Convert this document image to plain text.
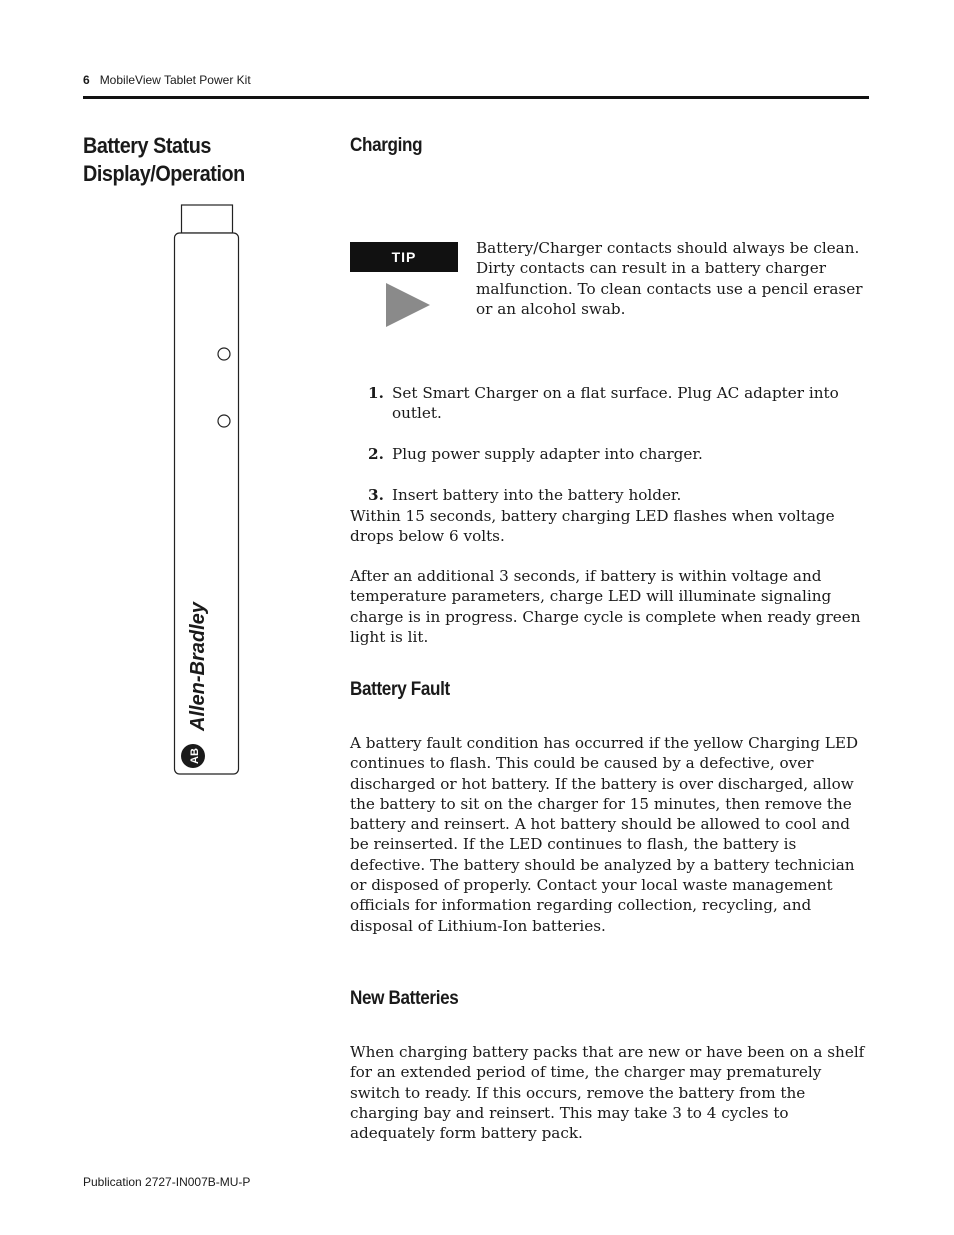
6 MobileView Tablet Power Kit
Battery Status Display/Operation
Charging
Allen-Bradley
AB
TIP	Battery/Charger contacts should always be clean. Dirty contacts can result in a battery charger malfunction. To clean contacts use a pencil eraser or an alcohol swab.
1. Set Smart Charger on a flat surface. Plug AC adapter into outlet.
2. Plug power supply adapter into charger.
3. Insert battery into the battery holder.
Within 15 seconds, battery charging LED flashes when voltage drops below 6 volts.
After an additional 3 seconds, if battery is within voltage and temperature parameters, charge LED will illuminate signaling charge is in progress. Charge cycle is complete when ready green light is lit.
Battery Fault
A battery fault condition has occurred if the yellow Charging LED continues to flash. This could be caused by a defective, over discharged or hot battery. If the battery is over discharged, allow the battery to sit on the charger for 15 minutes, then remove the battery and reinsert. A hot battery should be allowed to cool and be reinserted. If the LED continues to flash, the battery is defective. The battery should be analyzed by a battery technician or disposed of properly. Contact your local waste management officials for information regarding collection, recycling, and disposal of Lithium-Ion batteries.
New Batteries
When charging battery packs that are new or have been on a shelf for an extended period of time, the charger may prematurely switch to ready. If this occurs, remove the battery from the charging bay and reinsert. This may take 3 to 4 cycles to adequately form battery pack.
Publication 2727-IN007B-MU-P
